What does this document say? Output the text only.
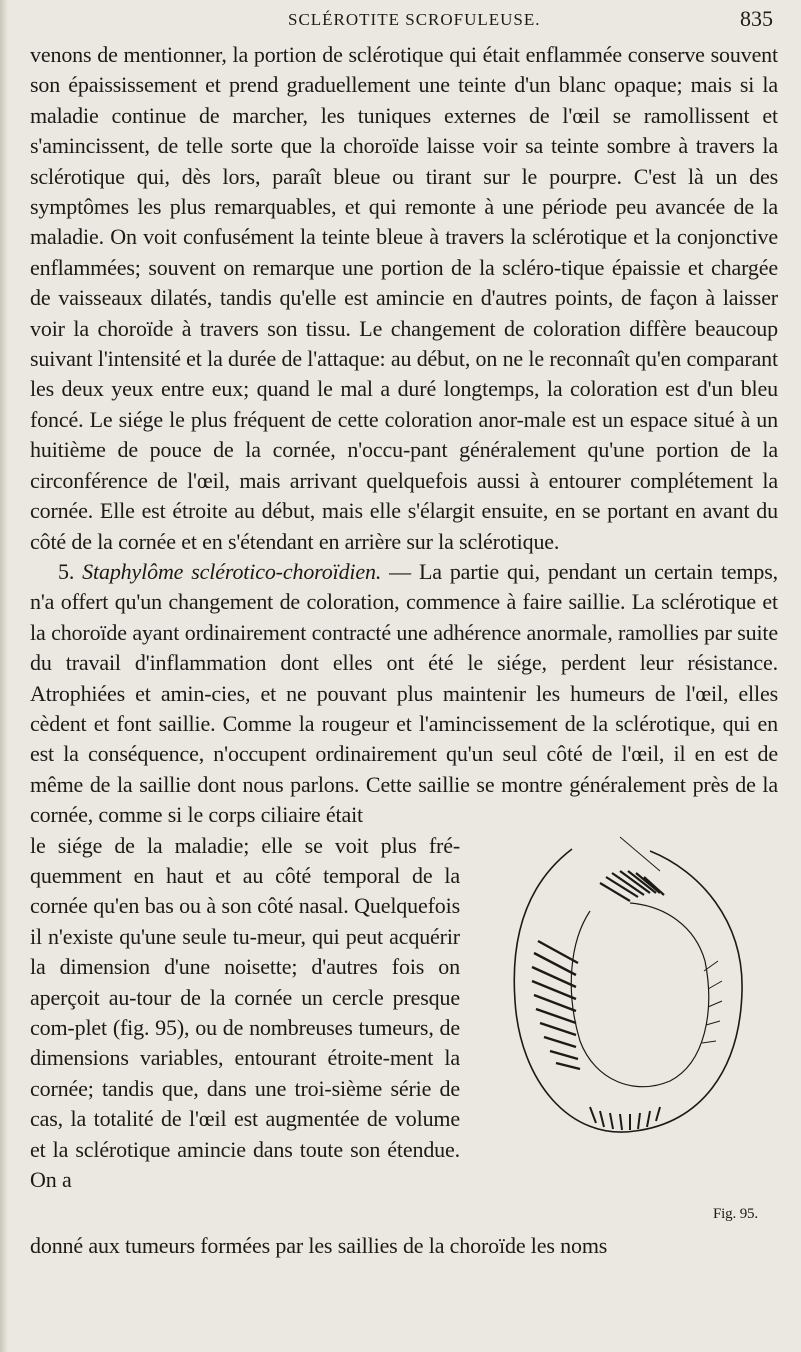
SCLÉROTITE SCROFULEUSE.	835

venons de mentionner, la portion de sclérotique qui était enflammée conserve souvent son épaississement et prend graduellement une teinte d'un blanc opaque; mais si la maladie continue de marcher, les tuniques externes de l'œil se ramollissent et s'amincissent, de telle sorte que la choroïde laisse voir sa teinte sombre à travers la sclérotique qui, dès lors, paraît bleue ou tirant sur le pourpre. C'est là un des symptômes les plus remarquables, et qui remonte à une période peu avancée de la maladie. On voit confusément la teinte bleue à travers la sclérotique et la conjonctive enflammées; souvent on remarque une portion de la scléro-tique épaissie et chargée de vaisseaux dilatés, tandis qu'elle est amincie en d'autres points, de façon à laisser voir la choroïde à travers son tissu. Le changement de coloration diffère beaucoup suivant l'intensité et la durée de l'attaque: au début, on ne le reconnaît qu'en comparant les deux yeux entre eux; quand le mal a duré longtemps, la coloration est d'un bleu foncé. Le siége le plus fréquent de cette coloration anor-male est un espace situé à un huitième de pouce de la cornée, n'occu-pant généralement qu'une portion de la circonférence de l'œil, mais arrivant quelquefois aussi à entourer complétement la cornée. Elle est étroite au début, mais elle s'élargit ensuite, en se portant en avant du côté de la cornée et en s'étendant en arrière sur la sclérotique.

5. Staphylôme sclérotico-choroïdien. — La partie qui, pendant un certain temps, n'a offert qu'un changement de coloration, commence à faire saillie. La sclérotique et la choroïde ayant ordinairement contracté une adhérence anormale, ramollies par suite du travail d'inflammation dont elles ont été le siége, perdent leur résistance. Atrophiées et amin-cies, et ne pouvant plus maintenir les humeurs de l'œil, elles cèdent et font saillie. Comme la rougeur et l'amincissement de la sclérotique, qui en est la conséquence, n'occupent ordinairement qu'un seul côté de l'œil, il en est de même de la saillie dont nous parlons. Cette saillie se montre généralement près de la cornée, comme si le corps ciliaire était

le siége de la maladie; elle se voit plus fré-quemment en haut et au côté temporal de la cornée qu'en bas ou à son côté nasal. Quelquefois il n'existe qu'une seule tu-meur, qui peut acquérir la dimension d'une noisette; d'autres fois on aperçoit au-tour de la cornée un cercle presque com-plet (fig. 95), ou de nombreuses tumeurs, de dimensions variables, entourant étroite-ment la cornée; tandis que, dans une troi-sième série de cas, la totalité de l'œil est augmentée de volume et la sclérotique amincie dans toute son étendue. On a
Fig. 95.

donné aux tumeurs formées par les saillies de la choroïde les noms
